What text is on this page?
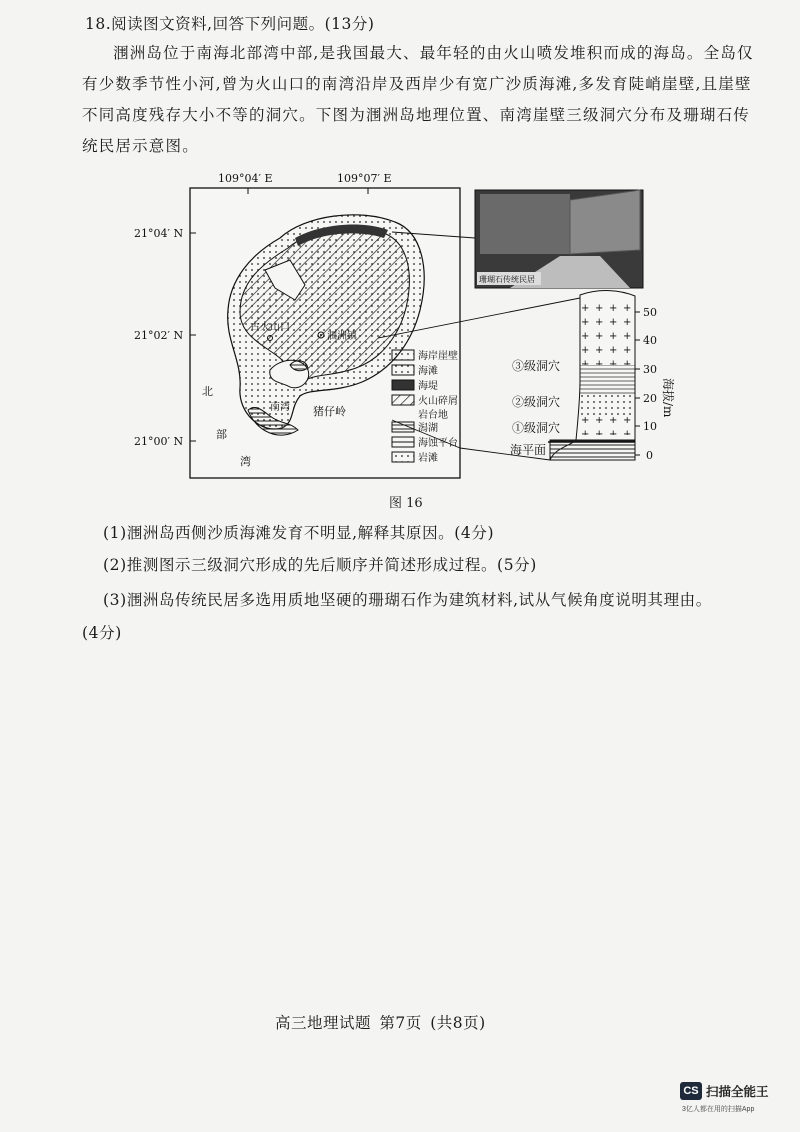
18.阅读图文资料,回答下列问题。(13分)
涠洲岛位于南海北部湾中部,是我国最大、最年轻的由火山喷发堆积而成的海岛。全岛仅有少数季节性小河,曾为火山口的南湾沿岸及西岸少有宽广沙质海滩,多发育陡峭崖壁,且崖壁不同高度残存大小不等的洞穴。下图为涠洲岛地理位置、南湾崖壁三级洞穴分布及珊瑚石传统民居示意图。
109°04′ E	109°07′ E
21°04′ N
21°02′ N
21°00′ N
古火山口
涠洲镇
南湾 猪仔岭
北
部
湾
海岸崖壁
海滩
海堤
火山碎屑
岩台地
潟湖
海蚀平台
岩滩
珊瑚石传统民居
③级洞穴
②级洞穴
①级洞穴
海平面
50
40
30
20
10
0
海拔/m
图 16
(1)涠洲岛西侧沙质海滩发育不明显,解释其原因。(4分)
(2)推测图示三级洞穴形成的先后顺序并简述形成过程。(5分)
(3)涠洲岛传统民居多选用质地坚硬的珊瑚石作为建筑材料,试从气候角度说明其理由。
(4分)
高三地理试题 第7页 (共8页)
CS 扫描全能王
3亿人都在用的扫描App
